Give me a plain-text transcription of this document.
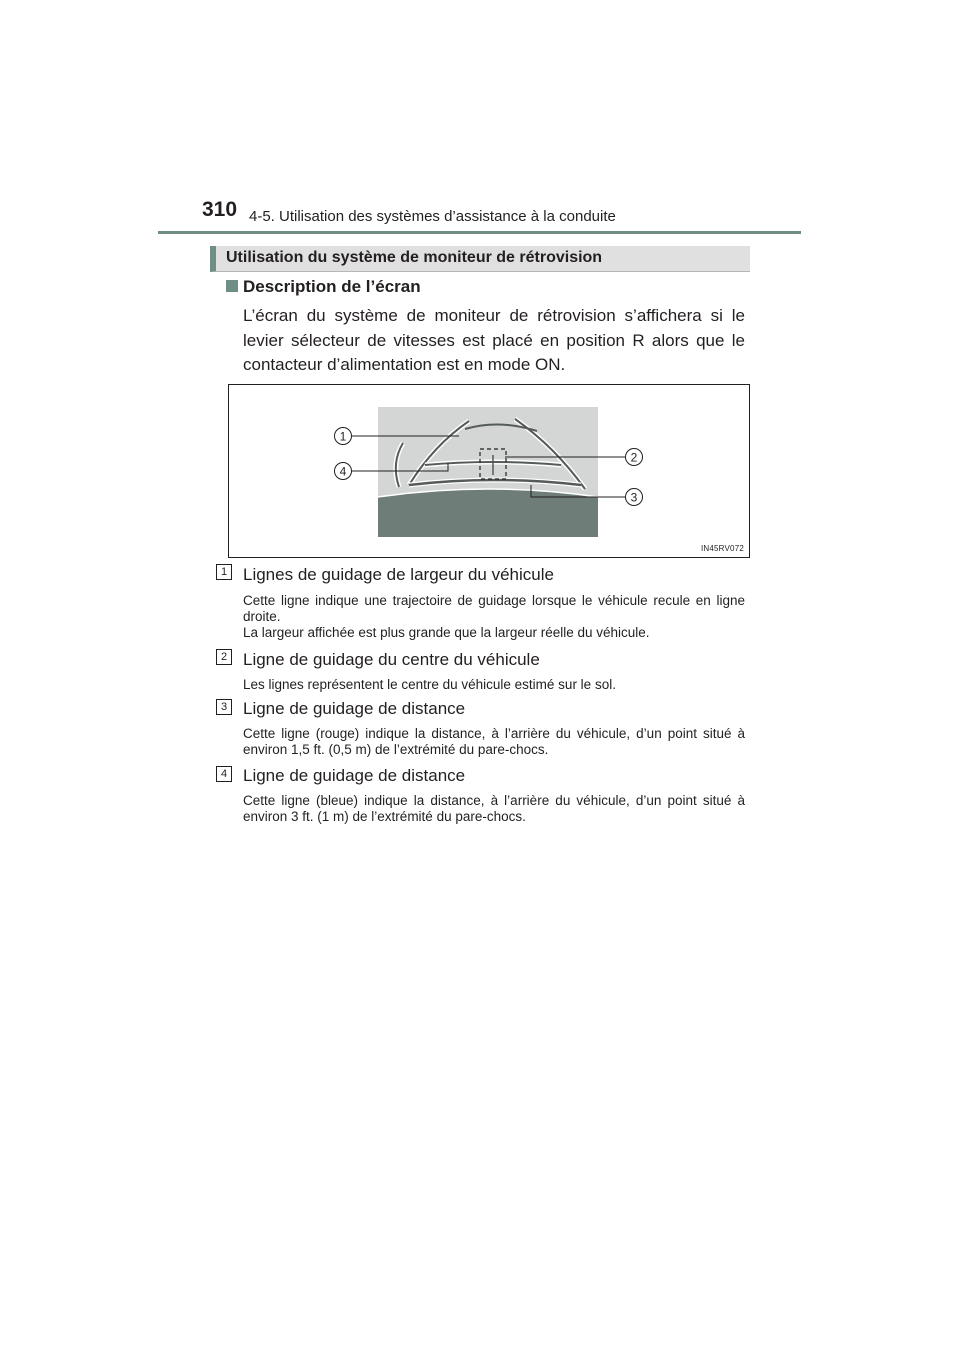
310 4-5. Utilisation des systèmes d’assistance à la conduite
Utilisation du système de moniteur de rétrovision
Description de l’écran

L’écran du système de moniteur de rétrovision s’affichera si le levier sélecteur de vitesses est placé en position R alors que le contacteur d’alimentation est en mode ON.

1
2
3
4
IN45RV072
1 Lignes de guidage de largeur du véhicule

Cette ligne indique une trajectoire de guidage lorsque le véhicule recule en ligne droite.
La largeur affichée est plus grande que la largeur réelle du véhicule.

2 Ligne de guidage du centre du véhicule

Les lignes représentent le centre du véhicule estimé sur le sol.

3 Ligne de guidage de distance

Cette ligne (rouge) indique la distance, à l’arrière du véhicule, d’un point situé à environ 1,5 ft. (0,5 m) de l’extrémité du pare-chocs.

4 Ligne de guidage de distance

Cette ligne (bleue) indique la distance, à l’arrière du véhicule, d’un point situé à environ 3 ft. (1 m) de l’extrémité du pare-chocs.
